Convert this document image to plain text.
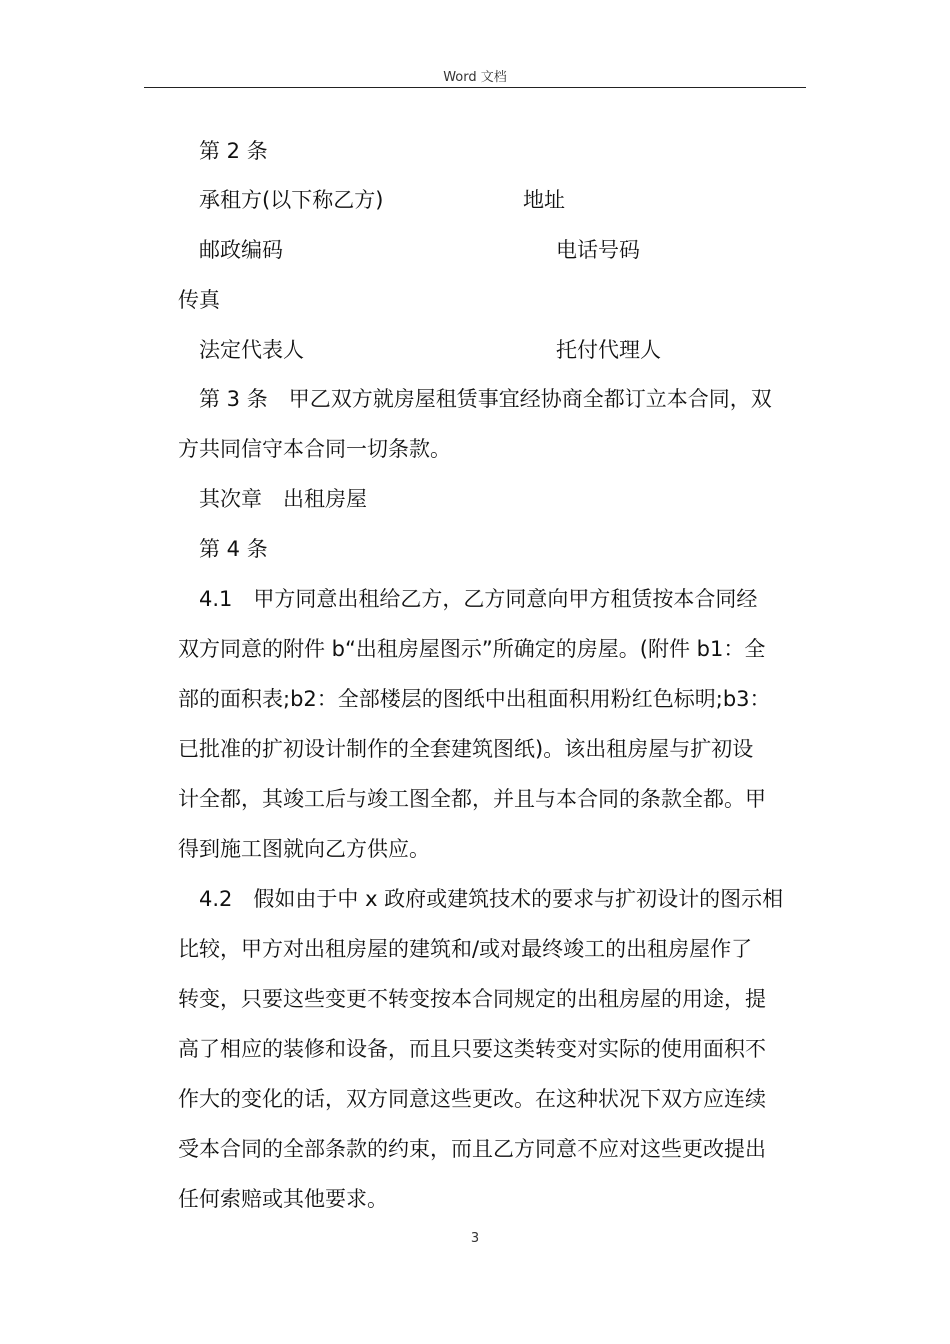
Word 文档
第 2 条
承租方(以下称乙方)	地址
邮政编码	电话号码
传真
法定代表人	托付代理人
第 3 条　甲乙双方就房屋租赁事宜经协商全都订立本合同，双
方共同信守本合同一切条款。
其次章　出租房屋
第 4 条
4.1　甲方同意出租给乙方，乙方同意向甲方租赁按本合同经
双方同意的附件 b“出租房屋图示”所确定的房屋。(附件 b1：全
部的面积表;b2：全部楼层的图纸中出租面积用粉红色标明;b3：
已批准的扩初设计制作的全套建筑图纸)。该出租房屋与扩初设
计全都，其竣工后与竣工图全都，并且与本合同的条款全都。甲
得到施工图就向乙方供应。
4.2　假如由于中 x 政府或建筑技术的要求与扩初设计的图示相
比较，甲方对出租房屋的建筑和/或对最终竣工的出租房屋作了
转变，只要这些变更不转变按本合同规定的出租房屋的用途，提
高了相应的装修和设备，而且只要这类转变对实际的使用面积不
作大的变化的话，双方同意这些更改。在这种状况下双方应连续
受本合同的全部条款的约束，而且乙方同意不应对这些更改提出
任何索赔或其他要求。
3
